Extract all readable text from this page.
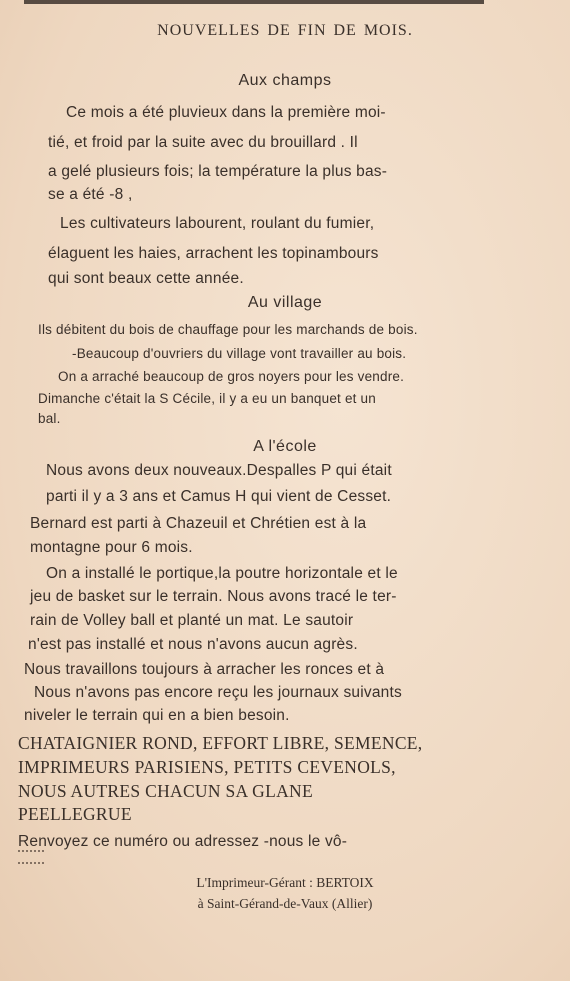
NOUVELLES DE FIN DE MOIS.
Aux champs
Ce mois a été pluvieux dans la première moi-
tié, et froid par la suite avec du brouillard . Il
a gelé plusieurs fois; la température la plus bas-
se a été -8 ,
Les cultivateurs labourent, roulant du fumier,
élaguent les haies, arrachent les topinambours
qui sont beaux cette année.
Au village
Ils débitent du bois de chauffage pour les marchands de bois.
-Beaucoup d'ouvriers du village vont travailler au bois.
On a arraché beaucoup de gros noyers pour les vendre.
Dimanche c'était la S Cécile, il y a eu un banquet et un
bal.
A l'école
Nous avons deux nouveaux.Despalles P qui était
parti il y a 3 ans et Camus H qui vient de Cesset.
Bernard est parti à Chazeuil et Chrétien est à la
montagne pour 6 mois.
On a installé le portique,la poutre horizontale et le
jeu de basket sur le terrain. Nous avons tracé le ter-
rain de Volley ball et planté un mat. Le sautoir
n'est pas installé et nous n'avons aucun agrès.
Nous travaillons toujours à arracher les ronces et à
Nous n'avons pas encore reçu les journaux suivants
niveler le terrain qui en a bien besoin.
CHATAIGNIER ROND, EFFORT LIBRE, SEMENCE,
IMPRIMEURS PARISIENS, PETITS CEVENOLS,
NOUS AUTRES CHACUN SA GLANE
PEELLEGRUE
Renvoyez ce numéro ou adressez -nous le vô-
L'Imprimeur-Gérant : BERTOIX
à Saint-Gérand-de-Vaux (Allier)
